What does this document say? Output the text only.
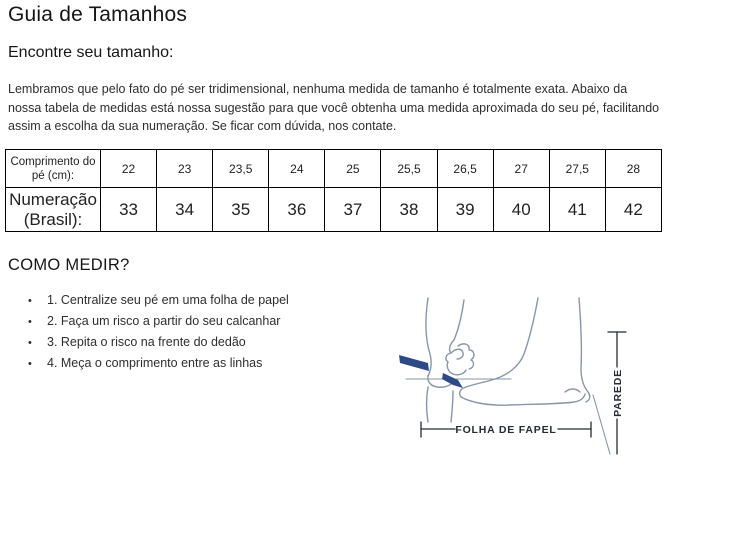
Guia de Tamanhos
Encontre seu tamanho:
Lembramos que pelo fato do pé ser tridimensional, nenhuma medida de tamanho é totalmente exata. Abaixo da
nossa tabela de medidas está nossa sugestão para que você obtenha uma medida aproximada do seu pé, facilitando
assim a escolha da sua numeração. Se ficar com dúvida, nos contate.
Comprimento do pé (cm):	22	23	23,5	24	25	25,5	26,5	27	27,5	28
Numeração (Brasil):	33	34	35	36	37	38	39	40	41	42
COMO MEDIR?
•	1. Centralize seu pé em uma folha de papel
•	2. Faça um risco a partir do seu calcanhar
•	3. Repita o risco na frente do dedão
•	4. Meça o comprimento entre as linhas
FOLHA DE FAPEL
PAREDE
